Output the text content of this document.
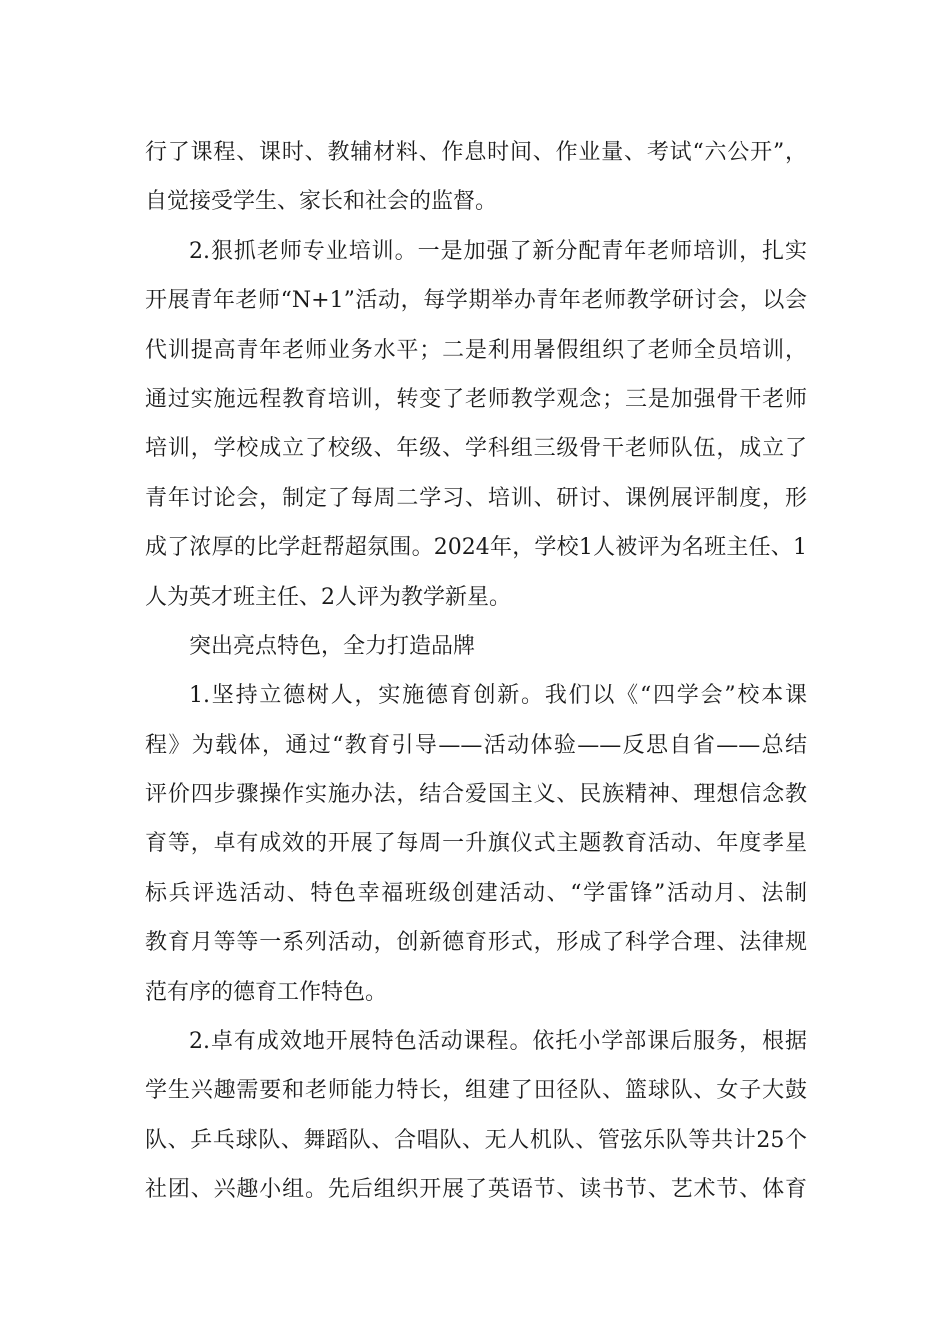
行了课程、课时、教辅材料、作息时间、作业量、考试“六公开”，
自觉接受学生、家长和社会的监督。
2.狠抓老师专业培训。一是加强了新分配青年老师培训，扎实
开展青年老师“N+1”活动，每学期举办青年老师教学研讨会，以会
代训提高青年老师业务水平；二是利用暑假组织了老师全员培训，
通过实施远程教育培训，转变了老师教学观念；三是加强骨干老师
培训，学校成立了校级、年级、学科组三级骨干老师队伍，成立了
青年讨论会，制定了每周二学习、培训、研讨、课例展评制度，形
成了浓厚的比学赶帮超氛围。2024年，学校1人被评为名班主任、1
人为英才班主任、2人评为教学新星。
突出亮点特色，全力打造品牌
1.坚持立德树人，实施德育创新。我们以《“四学会”校本课
程》为载体，通过“教育引导——活动体验——反思自省——总结
评价四步骤操作实施办法，结合爱国主义、民族精神、理想信念教
育等，卓有成效的开展了每周一升旗仪式主题教育活动、年度孝星
标兵评选活动、特色幸福班级创建活动、“学雷锋”活动月、法制
教育月等等一系列活动，创新德育形式，形成了科学合理、法律规
范有序的德育工作特色。
2.卓有成效地开展特色活动课程。依托小学部课后服务，根据
学生兴趣需要和老师能力特长，组建了田径队、篮球队、女子大鼓
队、乒乓球队、舞蹈队、合唱队、无人机队、管弦乐队等共计25个
社团、兴趣小组。先后组织开展了英语节、读书节、艺术节、体育
